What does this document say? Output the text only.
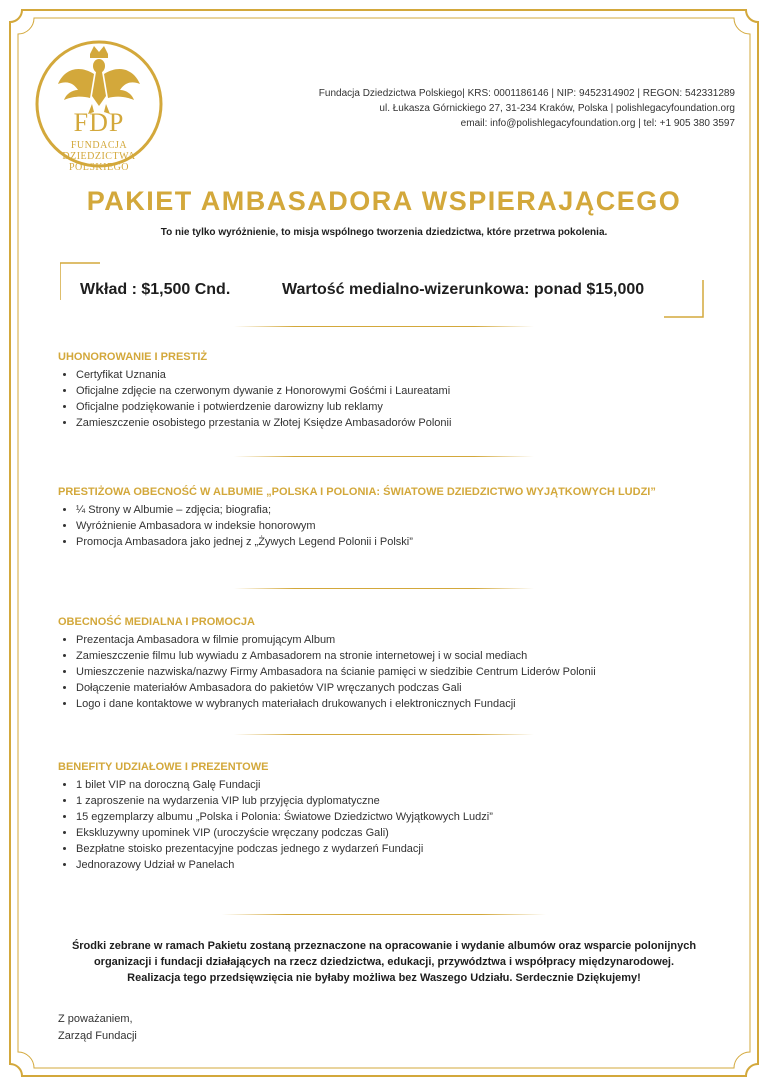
FDP
FUNDACJA
DZIEDZICTWA
POLSKIEGO
Fundacja Dziedzictwa Polskiego| KRS: 0001186146 | NIP: 9452314902 | REGON: 542331289
ul. Łukasza Górnickiego 27, 31-234 Kraków, Polska | polishlegacyfoundation.org
email: info@polishlegacyfoundation.org | tel: +1 905 380 3597
PAKIET AMBASADORA WSPIERAJĄCEGO
To nie tylko wyróżnienie, to misja wspólnego tworzenia dziedzictwa, które przetrwa pokolenia.
Wkład : $1,500 Cnd.	Wartość medialno-wizerunkowa: ponad $15,000
UHONOROWANIE I PRESTIŻ
• Certyfikat Uznania
• Oficjalne zdjęcie na czerwonym dywanie z Honorowymi Gośćmi i Laureatami
• Oficjalne podziękowanie i potwierdzenie darowizny lub reklamy
• Zamieszczenie osobistego przestania w Złotej Księdze Ambasadorów Polonii
PRESTIŻOWA OBECNOŚĆ W ALBUMIE „POLSKA I POLONIA: ŚWIATOWE DZIEDZICTWO WYJĄTKOWYCH LUDZI”
• ¼ Strony w Albumie – zdjęcia; biografia;
• Wyróżnienie Ambasadora w indeksie honorowym
• Promocja Ambasadora jako jednej z „Żywych Legend Polonii i Polski”
OBECNOŚĆ MEDIALNA I PROMOCJA
• Prezentacja Ambasadora w filmie promującym Album
• Zamieszczenie filmu lub wywiadu z Ambasadorem na stronie internetowej i w social mediach
• Umieszczenie nazwiska/nazwy Firmy Ambasadora na ścianie pamięci w siedzibie Centrum Liderów Polonii
• Dołączenie materiałów Ambasadora do pakietów VIP wręczanych podczas Gali
• Logo i dane kontaktowe w wybranych materiałach drukowanych i elektronicznych Fundacji
BENEFITY UDZIAŁOWE I PREZENTOWE
• 1 bilet VIP na doroczną Galę Fundacji
• 1 zaproszenie na wydarzenia VIP lub przyjęcia dyplomatyczne
• 15 egzemplarzy albumu „Polska i Polonia: Światowe Dziedzictwo Wyjątkowych Ludzi”
• Ekskluzywny upominek VIP (uroczyście wręczany podczas Gali)
• Bezpłatne stoisko prezentacyjne podczas jednego z wydarzeń Fundacji
• Jednorazowy Udział w Panelach
Środki zebrane w ramach Pakietu zostaną przeznaczone na opracowanie i wydanie albumów oraz wsparcie polonijnych
organizacji i fundacji działających na rzecz dziedzictwa, edukacji, przywództwa i współpracy międzynarodowej.
Realizacja tego przedsięwzięcia nie byłaby możliwa bez Waszego Udziału. Serdecznie Dziękujemy!
Z poważaniem,
Zarząd Fundacji
